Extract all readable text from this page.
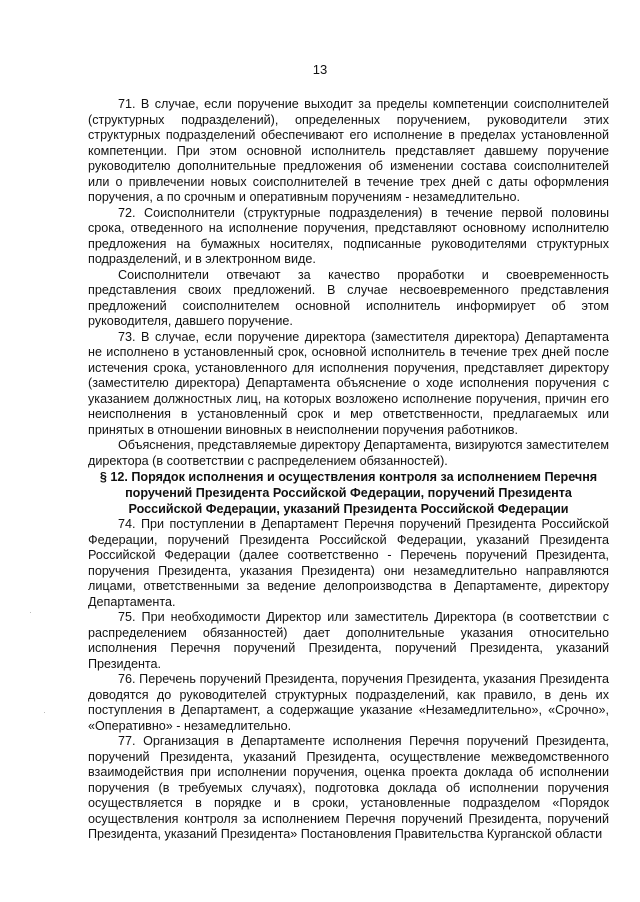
13

71. В случае, если поручение выходит за пределы компетенции соисполнителей (структурных подразделений), определенных поручением, руководители этих структурных подразделений обеспечивают его исполнение в пределах установленной компетенции. При этом основной исполнитель представляет давшему поручение руководителю дополнительные предложения об изменении состава соисполнителей или о привлечении новых соисполнителей в течение трех дней с даты оформления поручения, а по срочным и оперативным поручениям - незамедлительно.

72. Соисполнители (структурные подразделения) в течение первой половины срока, отведенного на исполнение поручения, представляют основному исполнителю предложения на бумажных носителях, подписанные руководителями структурных подразделений, и в электронном виде.

Соисполнители отвечают за качество проработки и своевременность представления своих предложений. В случае несвоевременного представления предложений соисполнителем основной исполнитель информирует об этом руководителя, давшего поручение.

73. В случае, если поручение директора (заместителя директора) Департамента не исполнено в установленный срок, основной исполнитель в течение трех дней после истечения срока, установленного для исполнения поручения, представляет директору (заместителю директора) Департамента объяснение о ходе исполнения поручения с указанием должностных лиц, на которых возложено исполнение поручения, причин его неисполнения в установленный срок и мер ответственности, предлагаемых или принятых в отношении виновных в неисполнении поручения работников.

Объяснения, представляемые директору Департамента, визируются заместителем директора (в соответствии с распределением обязанностей).

§ 12. Порядок исполнения и осуществления контроля за исполнением Перечня поручений Президента Российской Федерации, поручений Президента Российской Федерации, указаний Президента Российской Федерации

74. При поступлении в Департамент Перечня поручений Президента Российской Федерации, поручений Президента Российской Федерации, указаний Президента Российской Федерации (далее соответственно - Перечень поручений Президента, поручения Президента, указания Президента) они незамедлительно направляются лицами, ответственными за ведение делопроизводства в Департаменте, директору Департамента.

75. При необходимости Директор или заместитель Директора (в соответствии с распределением обязанностей) дает дополнительные указания относительно исполнения Перечня поручений Президента, поручений Президента, указаний Президента.

76. Перечень поручений Президента, поручения Президента, указания Президента доводятся до руководителей структурных подразделений, как правило, в день их поступления в Департамент, а содержащие указание «Незамедлительно», «Срочно», «Оперативно» - незамедлительно.

77. Организация в Департаменте исполнения Перечня поручений Президента, поручений Президента, указаний Президента, осуществление межведомственного взаимодействия при исполнении поручения, оценка проекта доклада об исполнении поручения (в требуемых случаях), подготовка доклада об исполнении поручения осуществляется в порядке и в сроки, установленные подразделом «Порядок осуществления контроля за исполнением Перечня поручений Президента, поручений Президента, указаний Президента» Постановления Правительства Курганской области
